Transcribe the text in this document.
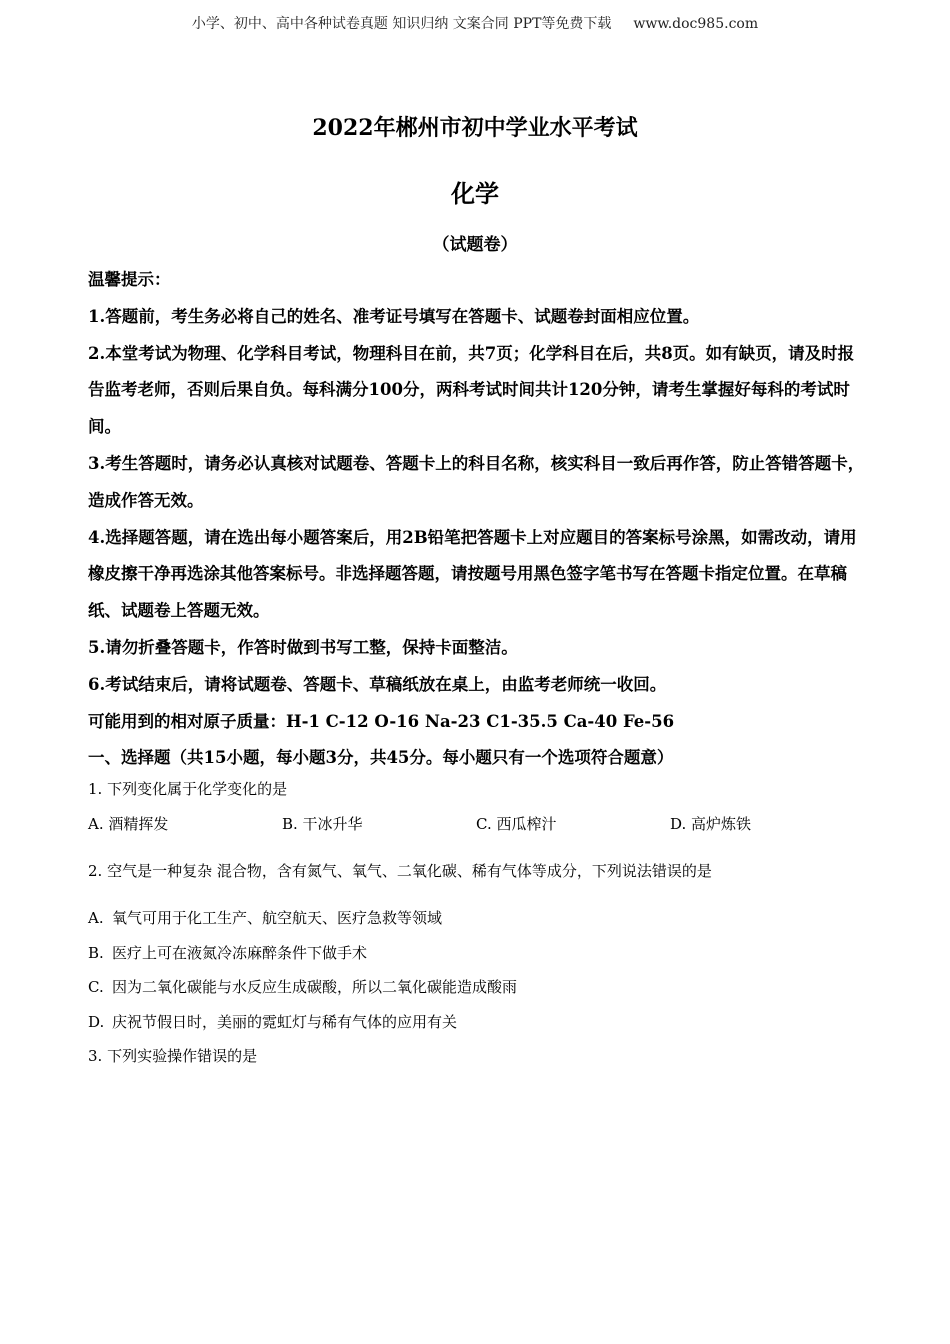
小学、初中、高中各种试卷真题 知识归纳 文案合同 PPT等免费下载 www.doc985.com
2022年郴州市初中学业水平考试
化学
（试题卷）

温馨提示：

1.答题前，考生务必将自己的姓名、准考证号填写在答题卡、试题卷封面相应位置。

2.本堂考试为物理、化学科目考试，物理科目在前，共7页；化学科目在后，共8页。如有缺页，请及时报告监考老师，否则后果自负。每科满分100分，两科考试时间共计120分钟，请考生掌握好每科的考试时间。

3.考生答题时，请务必认真核对试题卷、答题卡上的科目名称，核实科目一致后再作答，防止答错答题卡，造成作答无效。

4.选择题答题，请在选出每小题答案后，用2B铅笔把答题卡上对应题目的答案标号涂黑，如需改动，请用橡皮擦干净再选涂其他答案标号。非选择题答题，请按题号用黑色签字笔书写在答题卡指定位置。在草稿纸、试题卷上答题无效。

5.请勿折叠答题卡，作答时做到书写工整，保持卡面整洁。

6.考试结束后，请将试题卷、答题卡、草稿纸放在桌上，由监考老师统一收回。

可能用到的相对原子质量：H-1 C-12 O-16 Na-23 C1-35.5 Ca-40 Fe-56

一、选择题（共15小题，每小题3分，共45分。每小题只有一个选项符合题意）

1. 下列变化属于化学变化的是
A. 酒精挥发	B. 干冰升华	C. 西瓜榨汁	D. 高炉炼铁
2. 空气是一种复杂 混合物，含有氮气、氧气、二氧化碳、稀有气体等成分，下列说法错误的是
A. 氧气可用于化工生产、航空航天、医疗急救等领域
B. 医疗上可在液氮冷冻麻醉条件下做手术
C. 因为二氧化碳能与水反应生成碳酸，所以二氧化碳能造成酸雨
D. 庆祝节假日时，美丽的霓虹灯与稀有气体的应用有关
3. 下列实验操作错误的是
